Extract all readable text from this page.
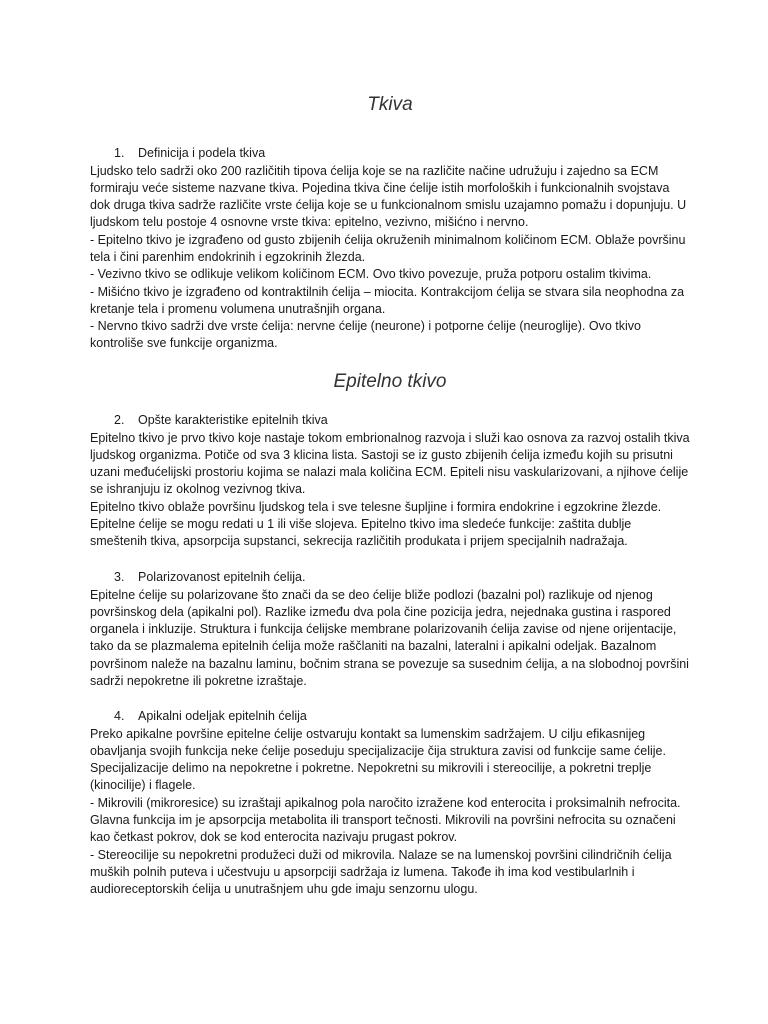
Tkiva
1. Definicija i podela tkiva

Ljudsko telo sadrži oko 200 različitih tipova ćelija koje se na različite načine udružuju i zajedno sa ECM formiraju veće sisteme nazvane tkiva. Pojedina tkiva čine ćelije istih morfoloških i funkcionalnih svojstava dok druga tkiva sadrže različite vrste ćelija koje se u funkcionalnom smislu uzajamno pomažu i dopunjuju. U ljudskom telu postoje 4 osnovne vrste tkiva: epitelno, vezivno, mišićno i nervno.

- Epitelno tkivo je izgrađeno od gusto zbijenih ćelija okruženih minimalnom količinom ECM. Oblaže površinu tela i čini parenhim endokrinih i egzokrinih žlezda.

- Vezivno tkivo se odlikuje velikom količinom ECM. Ovo tkivo povezuje, pruža potporu ostalim tkivima.

- Mišićno tkivo je izgrađeno od kontraktilnih ćelija – miocita. Kontrakcijom ćelija se stvara sila neophodna za kretanje tela i promenu volumena unutrašnjih organa.

- Nervno tkivo sadrži dve vrste ćelija: nervne ćelije (neurone) i potporne ćelije (neuroglije). Ovo tkivo kontroliše sve funkcije organizma.

Epitelno tkivo
2. Opšte karakteristike epitelnih tkiva

Epitelno tkivo je prvo tkivo koje nastaje tokom embrionalnog razvoja i služi kao osnova za razvoj ostalih tkiva ljudskog organizma. Potiče od sva 3 klicina lista. Sastoji se iz gusto zbijenih ćelija između kojih su prisutni uzani međućelijski prostoriu kojima se nalazi mala količina ECM. Epiteli nisu vaskularizovani, a njihove ćelije se ishranjuju iz okolnog vezivnog tkiva.

Epitelno tkivo oblaže površinu ljudskog tela i sve telesne šupljine i formira endokrine i egzokrine žlezde. Epitelne ćelije se mogu redati u 1 ili više slojeva. Epitelno tkivo ima sledeće funkcije: zaštita dublje smeštenih tkiva, apsorpcija supstanci, sekrecija različitih produkata i prijem specijalnih nadražaja.

3. Polarizovanost epitelnih ćelija.

Epitelne ćelije su polarizovane što znači da se deo ćelije bliže podlozi (bazalni pol) razlikuje od njenog površinskog dela (apikalni pol). Razlike između dva pola čine pozicija jedra, nejednaka gustina i raspored organela i inkluzije. Struktura i funkcija ćelijske membrane polarizovanih ćelija zavise od njene orijentacije, tako da se plazmalema epitelnih ćelija može raščlaniti na bazalni, lateralni i apikalni odeljak. Bazalnom površinom naleže na bazalnu laminu, bočnim strana se povezuje sa susednim ćelija, a na slobodnoj površini sadrži nepokretne ili pokretne izraštaje.

4. Apikalni odeljak epitelnih ćelija

Preko apikalne površine epitelne ćelije ostvaruju kontakt sa lumenskim sadržajem. U cilju efikasnijeg obavljanja svojih funkcija neke ćelije poseduju specijalizacije čija struktura zavisi od funkcije same ćelije. Specijalizacije delimo na nepokretne i pokretne. Nepokretni su mikrovili i stereocilije, a pokretni treplje (kinocilije) i flagele.

- Mikrovili (mikroresice) su izraštaji apikalnog pola naročito izražene kod enterocita i proksimalnih nefrocita. Glavna funkcija im je apsorpcija metabolita ili transport tečnosti. Mikrovili na površini nefrocita su označeni kao četkast pokrov, dok se kod enterocita nazivaju prugast pokrov.

- Stereocilije su nepokretni produžeci duži od mikrovila. Nalaze se na lumenskoj površini cilindričnih ćelija muških polnih puteva i učestvuju u apsorpciji sadržaja iz lumena. Takođe ih ima kod vestibularlnih i audioreceptorskih ćelija u unutrašnjem uhu gde imaju senzornu ulogu.
